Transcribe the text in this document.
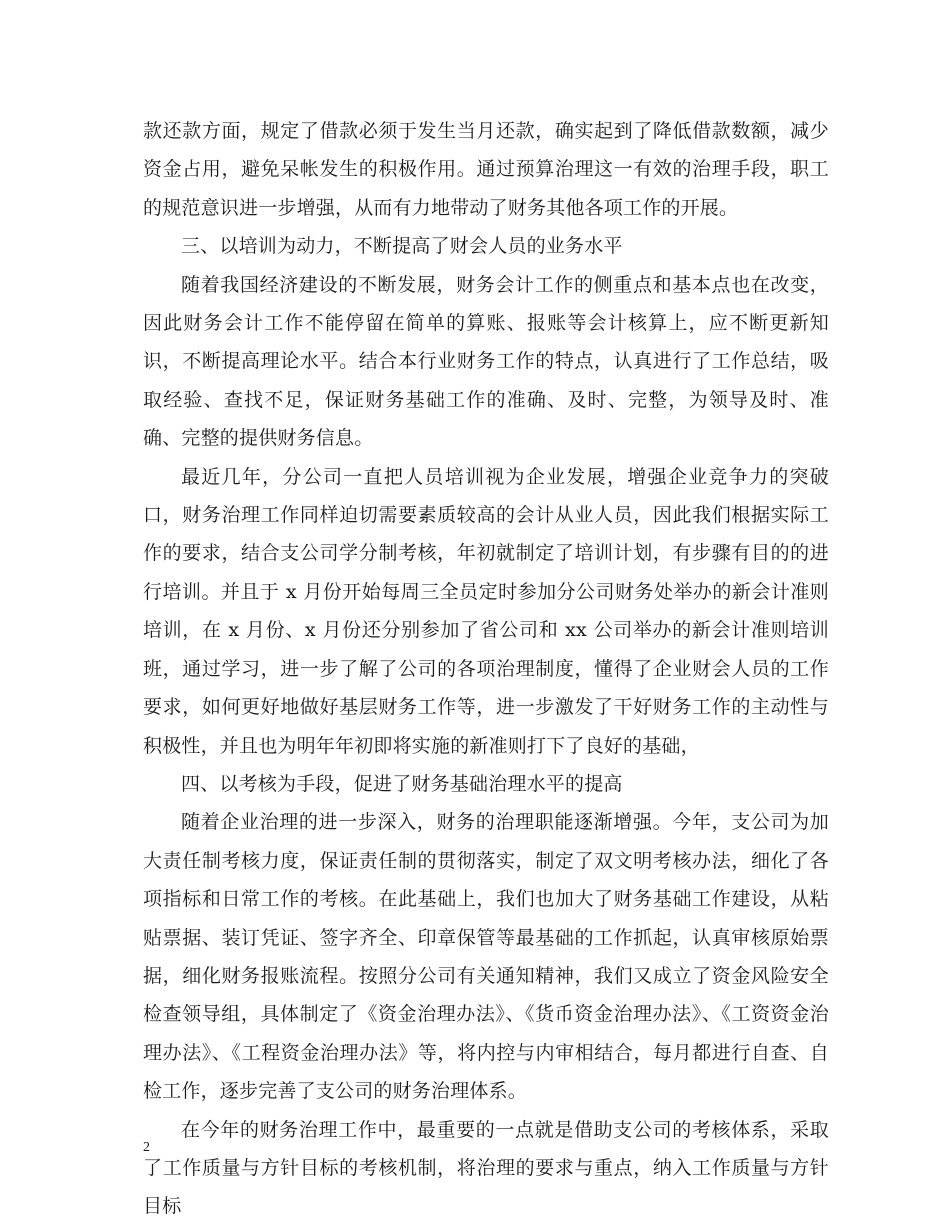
款还款方面，规定了借款必须于发生当月还款，确实起到了降低借款数额，减少资金占用，避免呆帐发生的积极作用。通过预算治理这一有效的治理手段，职工的规范意识进一步增强，从而有力地带动了财务其他各项工作的开展。

三、以培训为动力，不断提高了财会人员的业务水平

随着我国经济建设的不断发展，财务会计工作的侧重点和基本点也在改变，因此财务会计工作不能停留在简单的算账、报账等会计核算上，应不断更新知识，不断提高理论水平。结合本行业财务工作的特点，认真进行了工作总结，吸取经验、查找不足，保证财务基础工作的准确、及时、完整，为领导及时、准确、完整的提供财务信息。

最近几年，分公司一直把人员培训视为企业发展，增强企业竞争力的突破口，财务治理工作同样迫切需要素质较高的会计从业人员，因此我们根据实际工作的要求，结合支公司学分制考核，年初就制定了培训计划，有步骤有目的的进行培训。并且于 x 月份开始每周三全员定时参加分公司财务处举办的新会计准则培训，在 x 月份、x 月份还分别参加了省公司和 xx 公司举办的新会计准则培训班，通过学习，进一步了解了公司的各项治理制度，懂得了企业财会人员的工作要求，如何更好地做好基层财务工作等，进一步激发了干好财务工作的主动性与积极性，并且也为明年年初即将实施的新准则打下了良好的基础，

四、以考核为手段，促进了财务基础治理水平的提高

随着企业治理的进一步深入，财务的治理职能逐渐增强。今年，支公司为加大责任制考核力度，保证责任制的贯彻落实，制定了双文明考核办法，细化了各项指标和日常工作的考核。在此基础上，我们也加大了财务基础工作建设，从粘贴票据、装订凭证、签字齐全、印章保管等最基础的工作抓起，认真审核原始票据，细化财务报账流程。按照分公司有关通知精神，我们又成立了资金风险安全检查领导组，具体制定了《资金治理办法》、《货币资金治理办法》、《工资资金治理办法》、《工程资金治理办法》等，将内控与内审相结合，每月都进行自查、自检工作，逐步完善了支公司的财务治理体系。

在今年的财务治理工作中，最重要的一点就是借助支公司的考核体系，采取了工作质量与方针目标的考核机制，将治理的要求与重点，纳入工作质量与方针目标

2
